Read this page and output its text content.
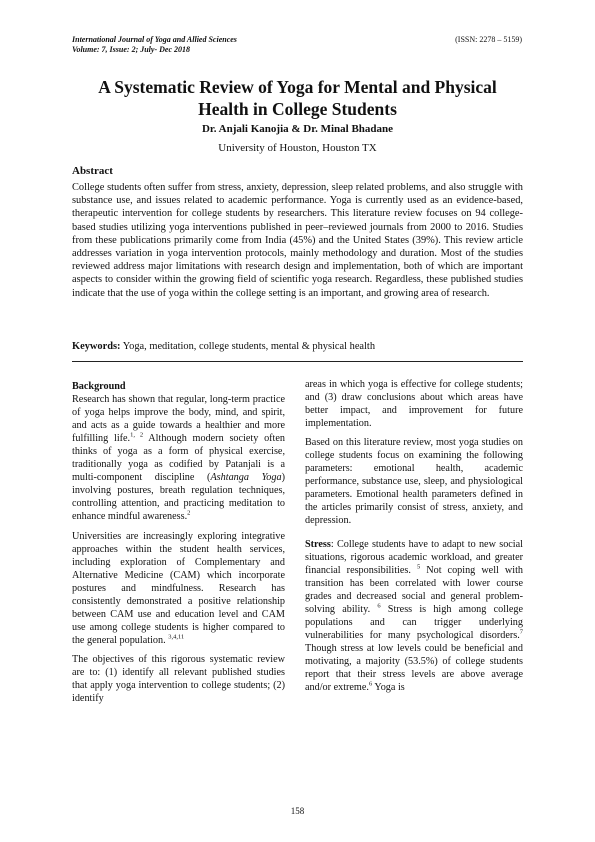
International Journal of Yoga and Allied Sciences
Volume: 7, Issue: 2; July- Dec 2018
(ISSN: 2278 – 5159)
A Systematic Review of Yoga for Mental and Physical Health in College Students
Dr. Anjali Kanojia & Dr. Minal Bhadane
University of Houston, Houston TX
Abstract

College students often suffer from stress, anxiety, depression, sleep related problems, and also struggle with substance use, and issues related to academic performance. Yoga is currently used as an evidence-based, therapeutic intervention for college students by researchers. This literature review focuses on 94 college-based studies utilizing yoga interventions published in peer–reviewed journals from 2000 to 2016. Studies from these publications primarily come from India (45%) and the United States (39%). This review article addresses variation in yoga intervention protocols, mainly methodology and duration. Most of the studies reviewed address major limitations with research design and implementation, both of which are important aspects to consider within the growing field of scientific yoga research. Regardless, these published studies indicate that the use of yoga within the college setting is an important, and growing area of research.

Keywords: Yoga, meditation, college students, mental & physical health
Background

Research has shown that regular, long-term practice of yoga helps improve the body, mind, and spirit, and acts as a guide towards a healthier and more fulfilling life.$^{1, 2}$ Although modern society often thinks of yoga as a form of physical exercise, traditionally yoga as codified by Patanjali is a multi-component discipline (Ashtanga Yoga) involving postures, breath regulation techniques, controlling attention, and practicing meditation to enhance mindful awareness.$^2$

Universities are increasingly exploring integrative approaches within the student health services, including exploration of Complementary and Alternative Medicine (CAM) which incorporate postures and mindfulness. Research has consistently demonstrated a positive relationship between CAM use and education level and CAM use among college students is higher compared to the general population. $^{3,4,11}$

The objectives of this rigorous systematic review are to: (1) identify all relevant published studies that apply yoga intervention to college students; (2) identify

areas in which yoga is effective for college students; and (3) draw conclusions about which areas have better impact, and improvement for future implementation.

Based on this literature review, most yoga studies on college students focus on examining the following parameters: emotional health, academic performance, substance use, sleep, and physiological parameters. Emotional health parameters defined in the articles primarily consist of stress, anxiety, and depression.

Stress: College students have to adapt to new social situations, rigorous academic workload, and greater financial responsibilities. $^5$ Not coping well with transition has been correlated with lower course grades and decreased social and general problem-solving ability. $^6$ Stress is high among college populations and can trigger underlying vulnerabilities for many psychological disorders.$^7$ Though stress at low levels could be beneficial and motivating, a majority (53.5%) of college students report that their stress levels are above average and/or extreme.$^6$ Yoga is

158
